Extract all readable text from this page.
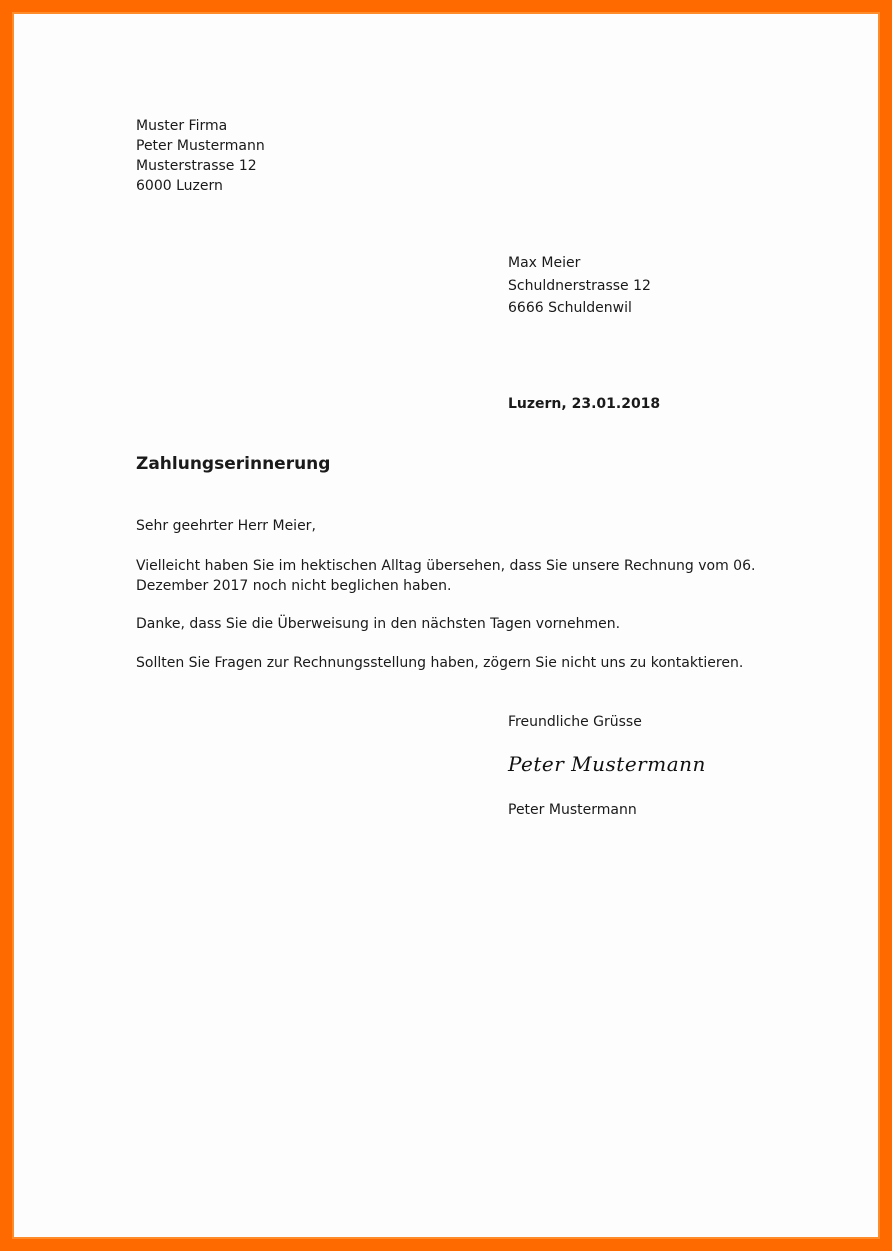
Muster Firma
Peter Mustermann
Musterstrasse 12
6000 Luzern
Max Meier
Schuldnerstrasse 12
6666 Schuldenwil
Luzern, 23.01.2018
Zahlungserinnerung
Sehr geehrter Herr Meier,

Vielleicht haben Sie im hektischen Alltag übersehen, dass Sie unsere Rechnung vom 06. Dezember 2017 noch nicht beglichen haben.

Danke, dass Sie die Überweisung in den nächsten Tagen vornehmen.

Sollten Sie Fragen zur Rechnungsstellung haben, zögern Sie nicht uns zu kontaktieren.

Freundliche Grüsse
Peter Mustermann
Peter Mustermann
